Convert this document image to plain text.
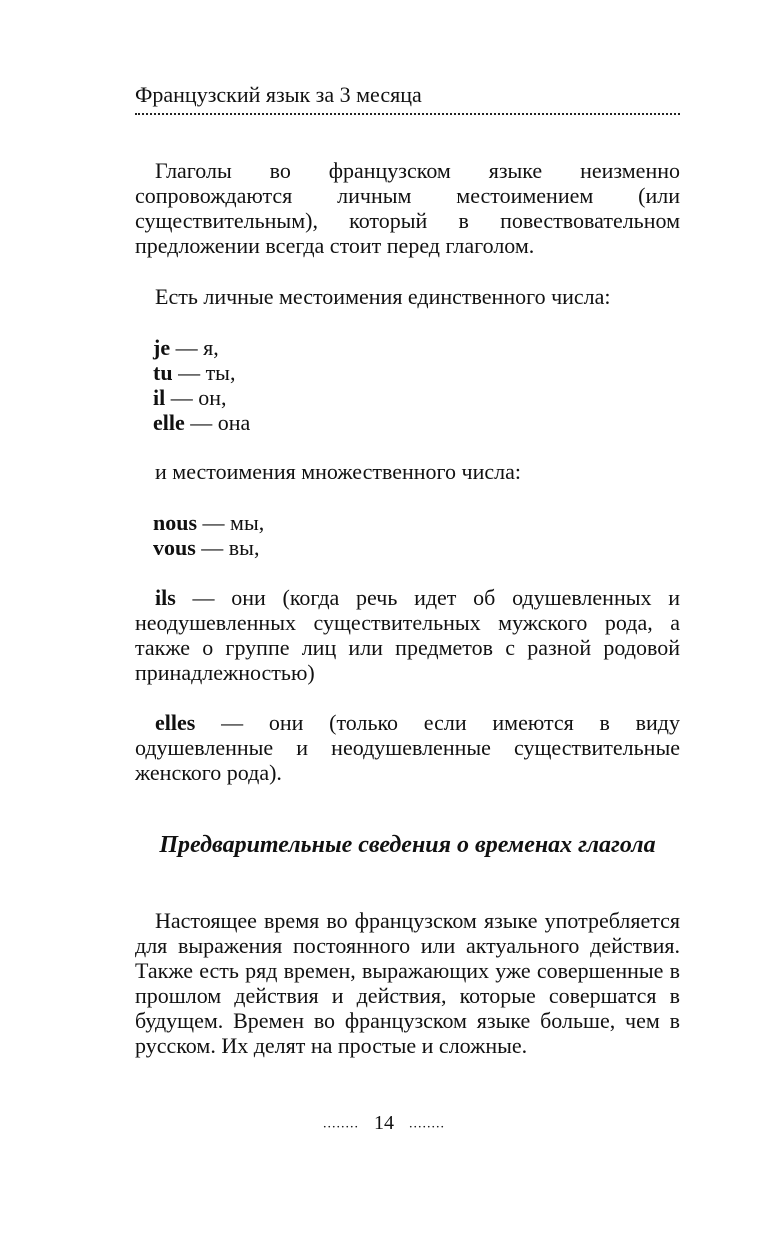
Французский язык за 3 месяца

Глаголы во французском языке неизменно сопровождаются личным местоимением (или существительным), который в повествовательном предложении всегда стоит перед глаголом.

Есть личные местоимения единственного числа:

je — я,
tu — ты,
il — он,
elle — она

и местоимения множественного числа:

nous — мы,
vous — вы,

ils — они (когда речь идет об одушевленных и неодушевленных существительных мужского рода, а также о группе лиц или предметов с разной родовой принадлежностью)

elles — они (только если имеются в виду одушевленные и неодушевленные существительные женского рода).

Предварительные сведения о временах глагола

Настоящее время во французском языке употребляется для выражения постоянного или актуального действия. Также есть ряд времен, выражающих уже совершенные в прошлом действия и действия, которые совершатся в будущем. Времен во французском языке больше, чем в русском. Их делят на простые и сложные.

........ 14 ........
